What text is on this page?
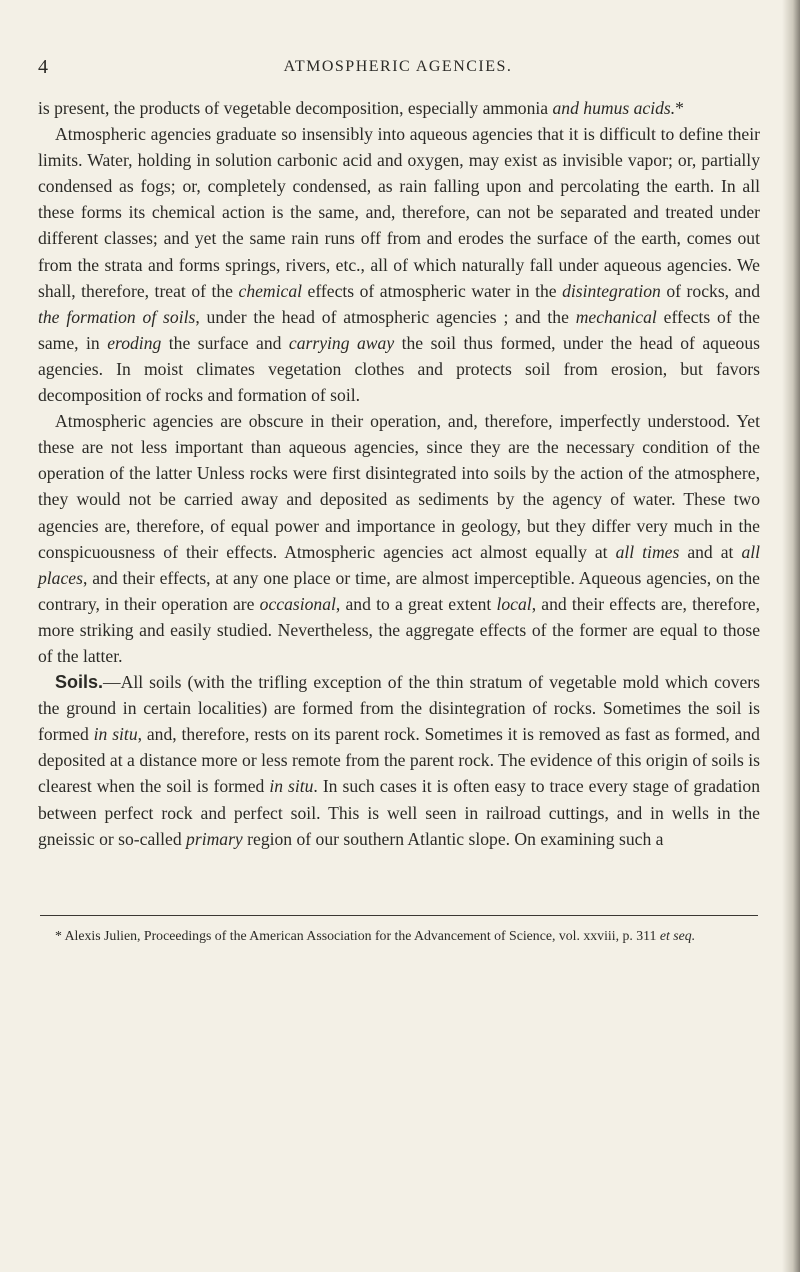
4	ATMOSPHERIC AGENCIES.

is present, the products of vegetable decomposition, especially ammonia and humus acids.*

Atmospheric agencies graduate so insensibly into aqueous agencies that it is difficult to define their limits. Water, holding in solution carbonic acid and oxygen, may exist as invisible vapor; or, partially condensed as fogs; or, completely condensed, as rain falling upon and percolating the earth. In all these forms its chemical action is the same, and, therefore, can not be separated and treated under different classes; and yet the same rain runs off from and erodes the surface of the earth, comes out from the strata and forms springs, rivers, etc., all of which naturally fall under aqueous agencies. We shall, therefore, treat of the chemical effects of atmospheric water in the disintegration of rocks, and the formation of soils, under the head of atmospheric agencies ; and the mechanical effects of the same, in eroding the surface and carrying away the soil thus formed, under the head of aqueous agencies. In moist climates vegetation clothes and protects soil from erosion, but favors decomposition of rocks and formation of soil.

Atmospheric agencies are obscure in their operation, and, therefore, imperfectly understood. Yet these are not less important than aqueous agencies, since they are the necessary condition of the operation of the latter Unless rocks were first disintegrated into soils by the action of the atmosphere, they would not be carried away and deposited as sediments by the agency of water. These two agencies are, therefore, of equal power and importance in geology, but they differ very much in the conspicuousness of their effects. Atmospheric agencies act almost equally at all times and at all places, and their effects, at any one place or time, are almost imperceptible. Aqueous agencies, on the contrary, in their operation are occasional, and to a great extent local, and their effects are, therefore, more striking and easily studied. Nevertheless, the aggregate effects of the former are equal to those of the latter.

Soils.—All soils (with the trifling exception of the thin stratum of vegetable mold which covers the ground in certain localities) are formed from the disintegration of rocks. Sometimes the soil is formed in situ, and, therefore, rests on its parent rock. Sometimes it is removed as fast as formed, and deposited at a distance more or less remote from the parent rock. The evidence of this origin of soils is clearest when the soil is formed in situ. In such cases it is often easy to trace every stage of gradation between perfect rock and perfect soil. This is well seen in railroad cuttings, and in wells in the gneissic or so-called primary region of our southern Atlantic slope. On examining such a

* Alexis Julien, Proceedings of the American Association for the Advancement of Science, vol. xxviii, p. 311 et seq.
